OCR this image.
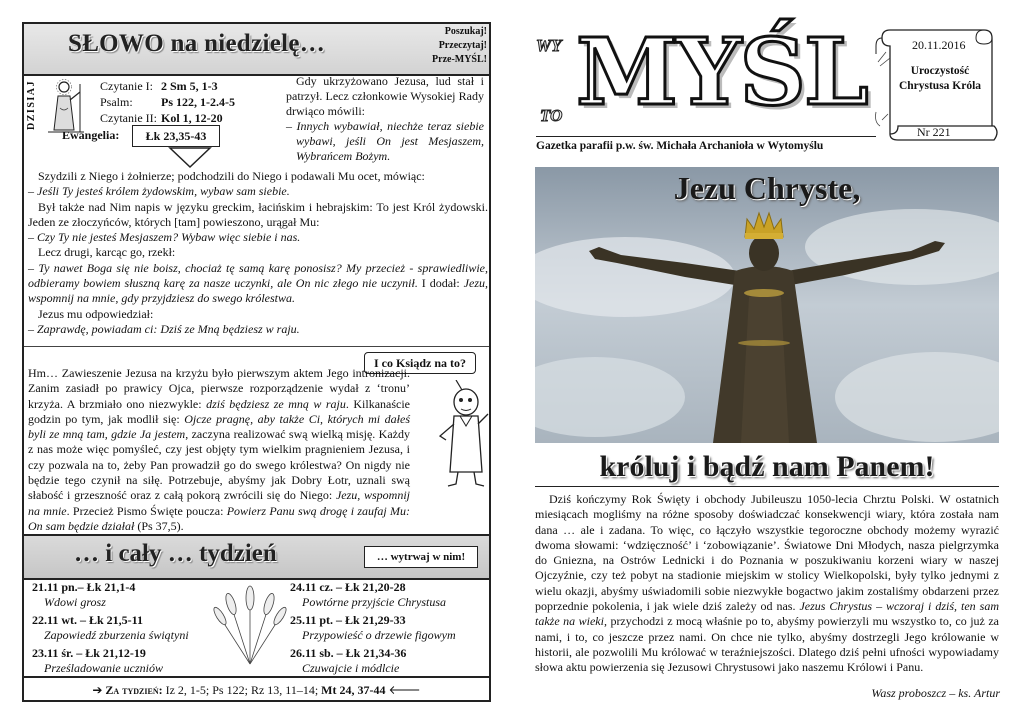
SŁOWO na niedzielę…	Poszukaj!
Przeczytaj!
Prze-MYŚL!
DZISIAJ	Czytanie I:	2 Sm 5, 1-3
Psalm:	Ps 122, 1-2.4-5
Czytanie II:	Kol 1, 12-20
Ewangelia:	Łk 23,35-43
Gdy ukrzyżowano Jezusa, lud stał i patrzył. Lecz członkowie Wysokiej Rady drwiąco mówili:
– Innych wybawiał, niechże teraz siebie wybawi, jeśli On jest Mesjaszem, Wybrańcem Bożym.

Szydzili z Niego i żołnierze; podchodzili do Niego i podawali Mu ocet, mówiąc:

– Jeśli Ty jesteś królem żydowskim, wybaw sam siebie.

Był także nad Nim napis w języku greckim, łacińskim i hebrajskim: To jest Król żydowski. Jeden ze złoczyńców, których [tam] powieszono, urągał Mu:

– Czy Ty nie jesteś Mesjaszem? Wybaw więc siebie i nas.

Lecz drugi, karcąc go, rzekł:

– Ty nawet Boga się nie boisz, chociaż tę samą karę ponosisz? My przecież - sprawiedliwie, odbieramy bowiem słuszną karę za nasze uczynki, ale On nic złego nie uczynił. I dodał: Jezu, wspomnij na mnie, gdy przyjdziesz do swego królestwa.

Jezus mu odpowiedział:

– Zaprawdę, powiadam ci: Dziś ze Mną będziesz w raju.

I co Ksiądz na to?

Hm… Zawieszenie Jezusa na krzyżu było pierwszym aktem Jego intronizacji. Zanim zasiadł po prawicy Ojca, pierwsze rozporządzenie wydał z ‘tronu’ krzyża. A brzmiało ono niezwykle: dziś będziesz ze mną w raju. Kilkanaście godzin po tym, jak modlił się: Ojcze pragnę, aby także Ci, których mi dałeś byli ze mną tam, gdzie Ja jestem, zaczyna realizować swą wielką misję. Każdy z nas może więc pomyśleć, czy jest objęty tym wielkim pragnieniem Jezusa, i czy pozwala na to, żeby Pan prowadził go do swego królestwa? On nigdy nie będzie tego czynił na siłę. Potrzebuje, abyśmy jak Dobry Łotr, uznali swą słabość i grzeszność oraz z całą pokorą zwrócili się do Niego: Jezu, wspomnij na mnie. Przecież Pismo Święte poucza: Powierz Panu swą drogę i zaufaj Mu: On sam będzie działał (Ps 37,5).

… i cały … tydzień	… wytrwaj w nim!
21.11 pn.– Łk 21,1-4
Wdowi grosz
22.11 wt. – Łk 21,5-11
Zapowiedź zburzenia świątyni
23.11 śr. – Łk 21,12-19
Prześladowanie uczniów
24.11 cz. – Łk 21,20-28
Powtórne przyjście Chrystusa
25.11 pt. – Łk 21,29-33
Przypowieść o drzewie figowym
26.11 sb. – Łk 21,34-36
Czuwajcie i módlcie
➔ Za tydzień: Iz 2, 1-5; Ps 122; Rz 13, 11–14; Mt 24, 37-44 🡐
WY MYŚL
TO
Gazetka parafii p.w. św. Michała Archanioła w Wytomyślu
20.11.2016
Uroczystość Chrystusa Króla
Nr 221
Jezu Chryste,
króluj i bądź nam Panem!

Dziś kończymy Rok Święty i obchody Jubileuszu 1050-lecia Chrztu Polski. W ostatnich miesiącach mogliśmy na różne sposoby doświadczać konsekwencji wiary, która została nam dana … ale i zadana. To więc, co łączyło wszystkie tegoroczne obchody możemy wyrazić dwoma słowami: ‘wdzięczność’ i ‘zobowiązanie’. Światowe Dni Młodych, nasza pielgrzymka do Gniezna, na Ostrów Lednicki i do Poznania w poszukiwaniu korzeni wiary w naszej Ojczyźnie, czy też pobyt na stadionie miejskim w stolicy Wielkopolski, były tylko jednymi z wielu okazji, abyśmy uświadomili sobie niezwykłe bogactwo jakim zostaliśmy obdarzeni przez poprzednie pokolenia, i jak wiele dziś zależy od nas. Jezus Chrystus – wczoraj i dziś, ten sam także na wieki, przychodzi z mocą właśnie po to, abyśmy powierzyli mu wszystko to, co już za nami, i to, co jeszcze przez nami. On chce nie tylko, abyśmy dostrzegli Jego królowanie w historii, ale pozwolili Mu królować w teraźniejszości. Dlatego dziś pełni ufności wypowiadamy słowa aktu powierzenia się Jezusowi Chrystusowi jako naszemu Królowi i Panu.

Wasz proboszcz – ks. Artur
